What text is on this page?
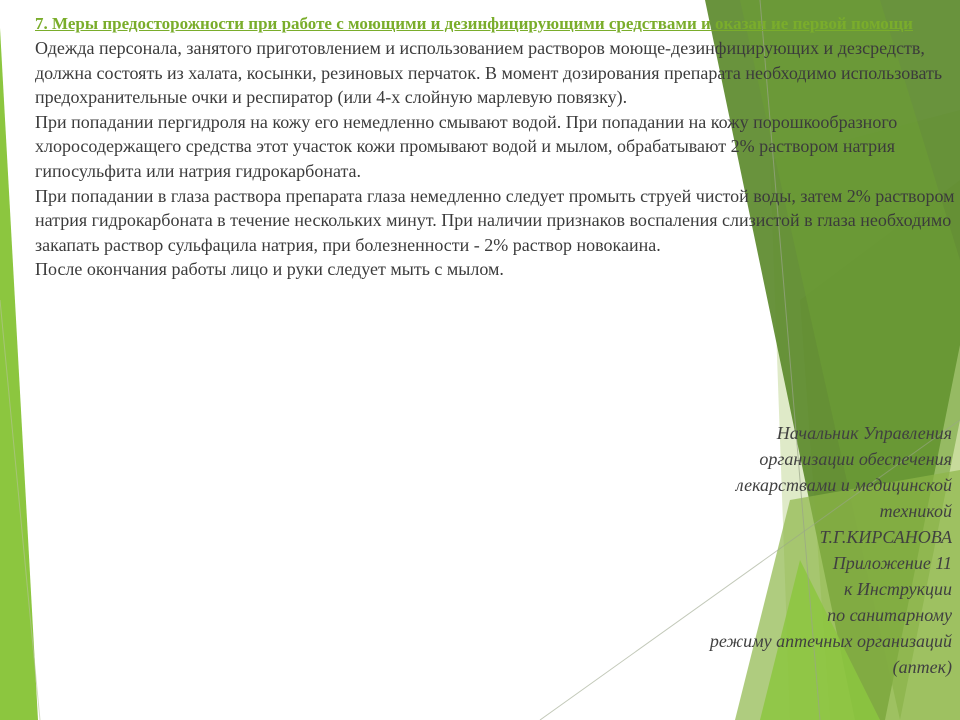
7. Меры предосторожности при работе с моющими и дезинфицирующими средствами и оказан ие первой помощи
Одежда персонала, занятого приготовлением и использованием растворов моюще-дезинфицирующих и дезсредств, должна состоять из халата, косынки, резиновых перчаток. В момент дозирования препарата необходимо использовать предохранительные очки и респиратор (или 4-х слойную марлевую повязку).
При попадании пергидроля на кожу его немедленно смывают водой. При попадании на кожу порошкообразного хлоросодержащего средства этот участок кожи промывают водой и мылом, обрабатывают 2% раствором натрия гипосульфита или натрия гидрокарбоната.
При попадании в глаза раствора препарата глаза немедленно следует промыть струей чистой воды, затем 2% раствором натрия гидрокарбоната в течение нескольких минут. При наличии признаков воспаления слизистой в глаза необходимо закапать раствор сульфацила натрия, при болезненности - 2% раствор новокаина.
После окончания работы лицо и руки следует мыть с мылом.
Начальник Управления
организации обеспечения
лекарствами и медицинской
техникой
Т.Г.КИРСАНОВА
Приложение 11
к Инструкции
по санитарному
режиму аптечных организаций
(аптек)
